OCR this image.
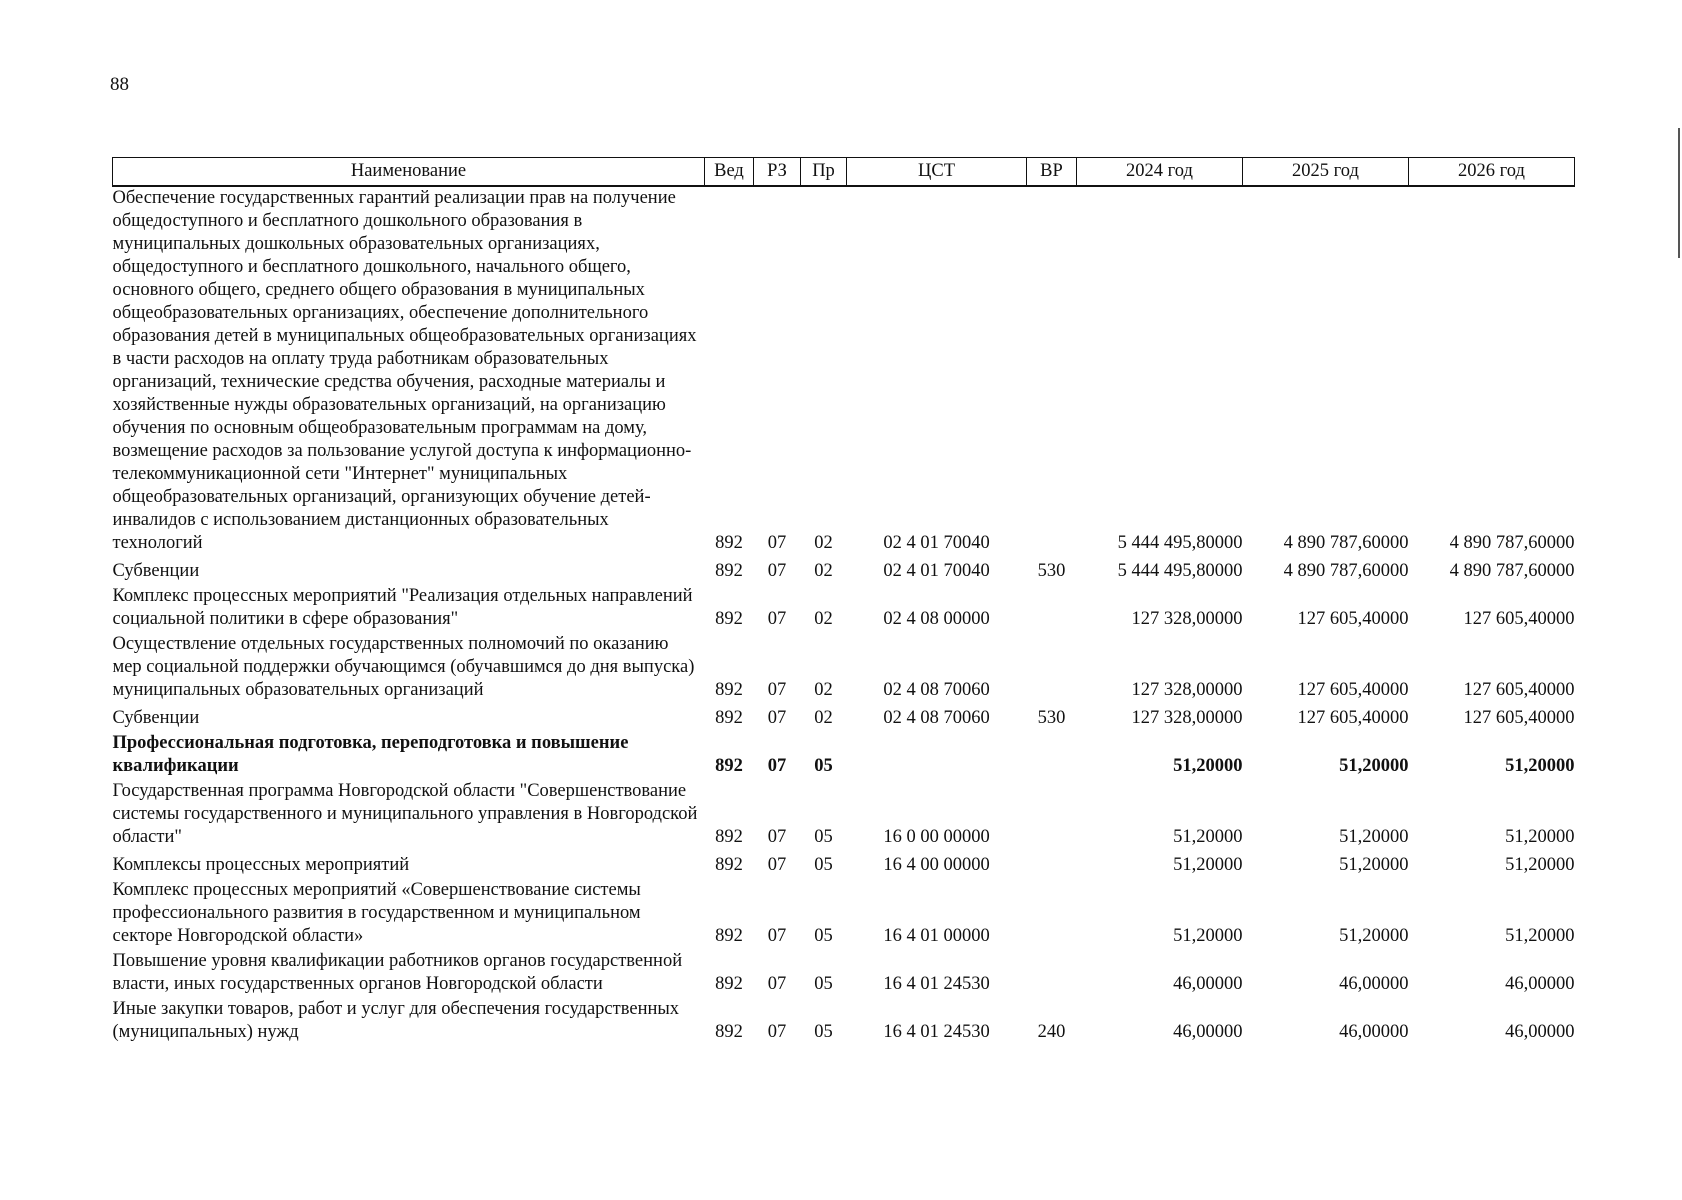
88
Наименование	Вед	РЗ	Пр	ЦСТ	ВР	2024 год	2025 год	2026 год
Обеспечение государственных гарантий реализации прав на получение общедоступного и бесплатного дошкольного образования в муниципальных дошкольных образовательных организациях, общедоступного и бесплатного дошкольного, начального общего, основного общего, среднего общего образования в муниципальных общеобразовательных организациях, обеспечение дополнительного образования детей в муниципальных общеобразовательных организациях в части расходов на оплату труда работникам образовательных организаций, технические средства обучения, расходные материалы и хозяйственные нужды образовательных организаций, на организацию обучения по основным общеобразовательным программам на дому, возмещение расходов за пользование услугой доступа к информационно-телекоммуникационной сети "Интернет" муниципальных общеобразовательных организаций, организующих обучение детей-инвалидов с использованием дистанционных образовательных технологий	892	07	02	02 4 01 70040		5 444 495,80000	4 890 787,60000	4 890 787,60000
Субвенции	892	07	02	02 4 01 70040	530	5 444 495,80000	4 890 787,60000	4 890 787,60000
Комплекс процессных мероприятий "Реализация отдельных направлений социальной политики в сфере образования"	892	07	02	02 4 08 00000		127 328,00000	127 605,40000	127 605,40000
Осуществление отдельных государственных полномочий по оказанию мер социальной поддержки обучающимся (обучавшимся до дня выпуска) муниципальных образовательных организаций	892	07	02	02 4 08 70060		127 328,00000	127 605,40000	127 605,40000
Субвенции	892	07	02	02 4 08 70060	530	127 328,00000	127 605,40000	127 605,40000
Профессиональная подготовка, переподготовка и повышение квалификации	892	07	05			51,20000	51,20000	51,20000
Государственная программа Новгородской области "Совершенствование системы государственного и муниципального управления в Новгородской области"	892	07	05	16 0 00 00000		51,20000	51,20000	51,20000
Комплексы процессных мероприятий	892	07	05	16 4 00 00000		51,20000	51,20000	51,20000
Комплекс процессных мероприятий «Совершенствование системы профессионального развития в государственном и муниципальном секторе Новгородской области»	892	07	05	16 4 01 00000		51,20000	51,20000	51,20000
Повышение уровня квалификации работников органов государственной власти, иных государственных органов Новгородской области	892	07	05	16 4 01 24530		46,00000	46,00000	46,00000
Иные закупки товаров, работ и услуг для обеспечения государственных (муниципальных) нужд	892	07	05	16 4 01 24530	240	46,00000	46,00000	46,00000
